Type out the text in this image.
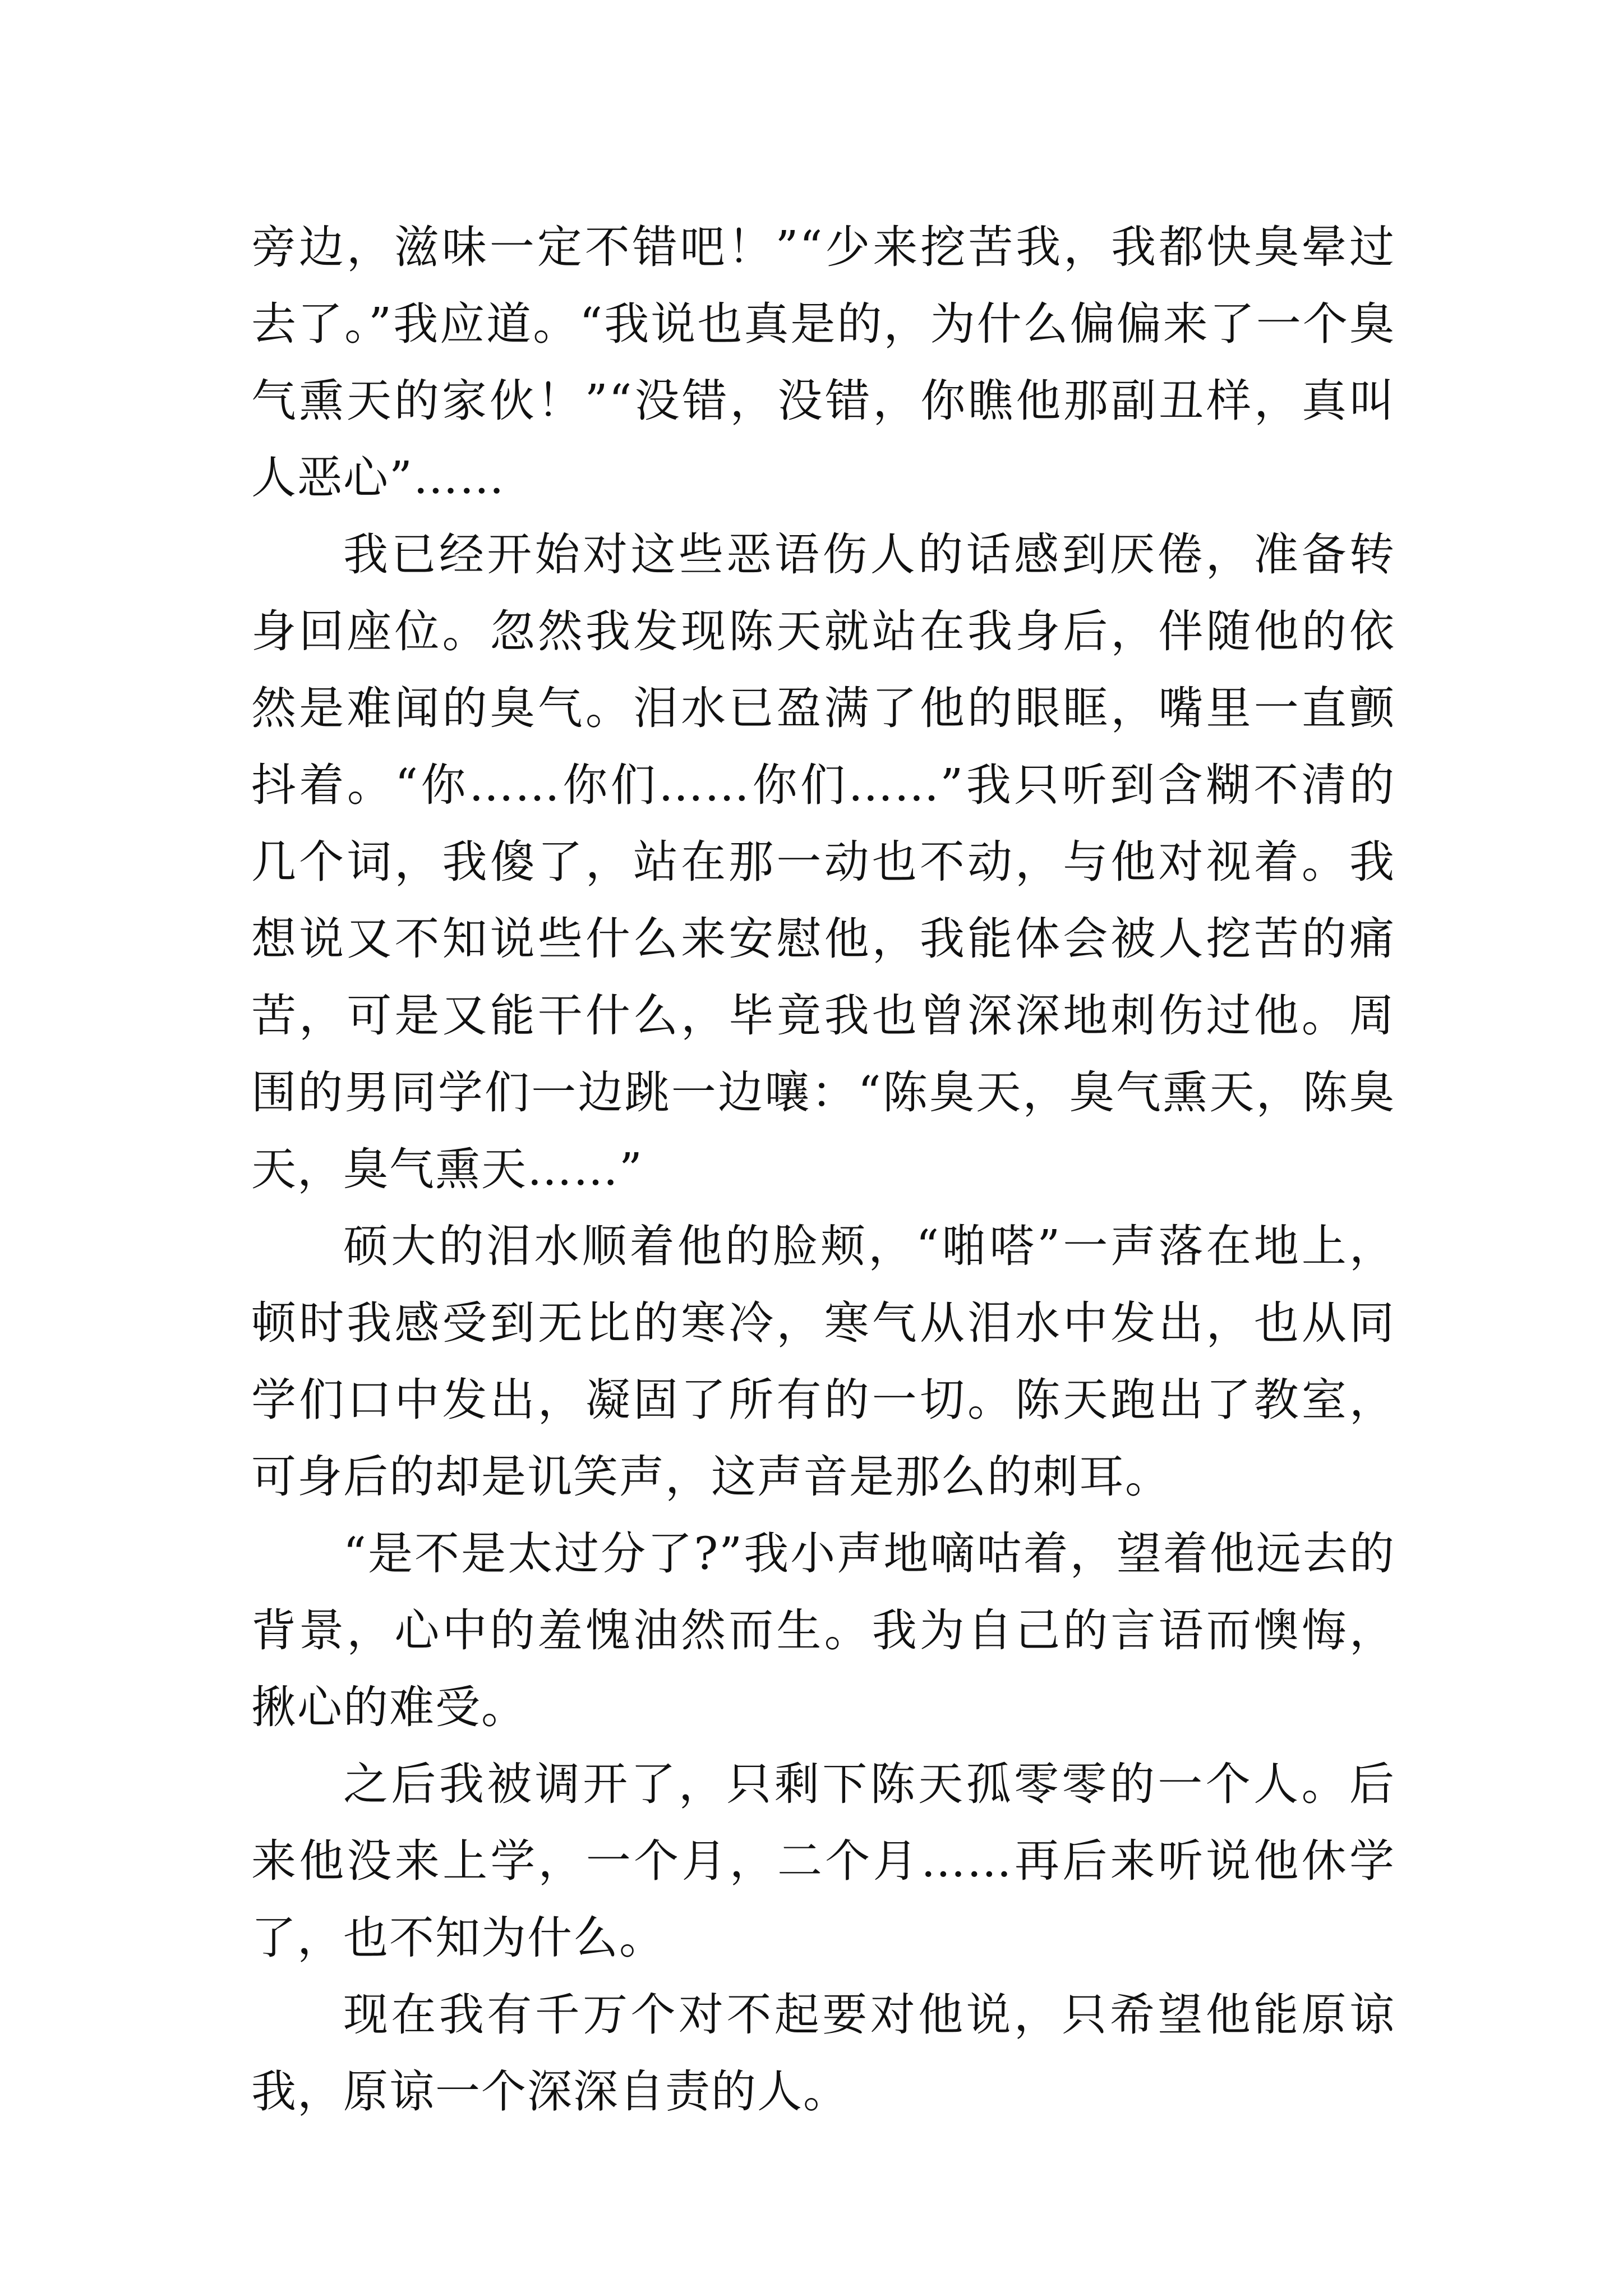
旁边，滋味一定不错吧！”“少来挖苦我，我都快臭晕过去了。”我应道。“我说也真是的，为什么偏偏来了一个臭气熏天的家伙！”“没错，没错，你瞧他那副丑样，真叫人恶心”……

我已经开始对这些恶语伤人的话感到厌倦，准备转身回座位。忽然我发现陈天就站在我身后，伴随他的依然是难闻的臭气。泪水已盈满了他的眼眶，嘴里一直颤抖着。“你……你们……你们……”我只听到含糊不清的几个词，我傻了，站在那一动也不动，与他对视着。我想说又不知说些什么来安慰他，我能体会被人挖苦的痛苦，可是又能干什么，毕竟我也曾深深地刺伤过他。周围的男同学们一边跳一边嚷：“陈臭天，臭气熏天，陈臭天，臭气熏天……”

硕大的泪水顺着他的脸颊，“啪嗒”一声落在地上，顿时我感受到无比的寒冷，寒气从泪水中发出，也从同学们口中发出，凝固了所有的一切。陈天跑出了教室，可身后的却是讥笑声，这声音是那么的刺耳。

“是不是太过分了?”我小声地嘀咕着，望着他远去的背景，心中的羞愧油然而生。我为自己的言语而懊悔，揪心的难受。

之后我被调开了，只剩下陈天孤零零的一个人。后来他没来上学，一个月，二个月……再后来听说他休学了，也不知为什么。

现在我有千万个对不起要对他说，只希望他能原谅我，原谅一个深深自责的人。
